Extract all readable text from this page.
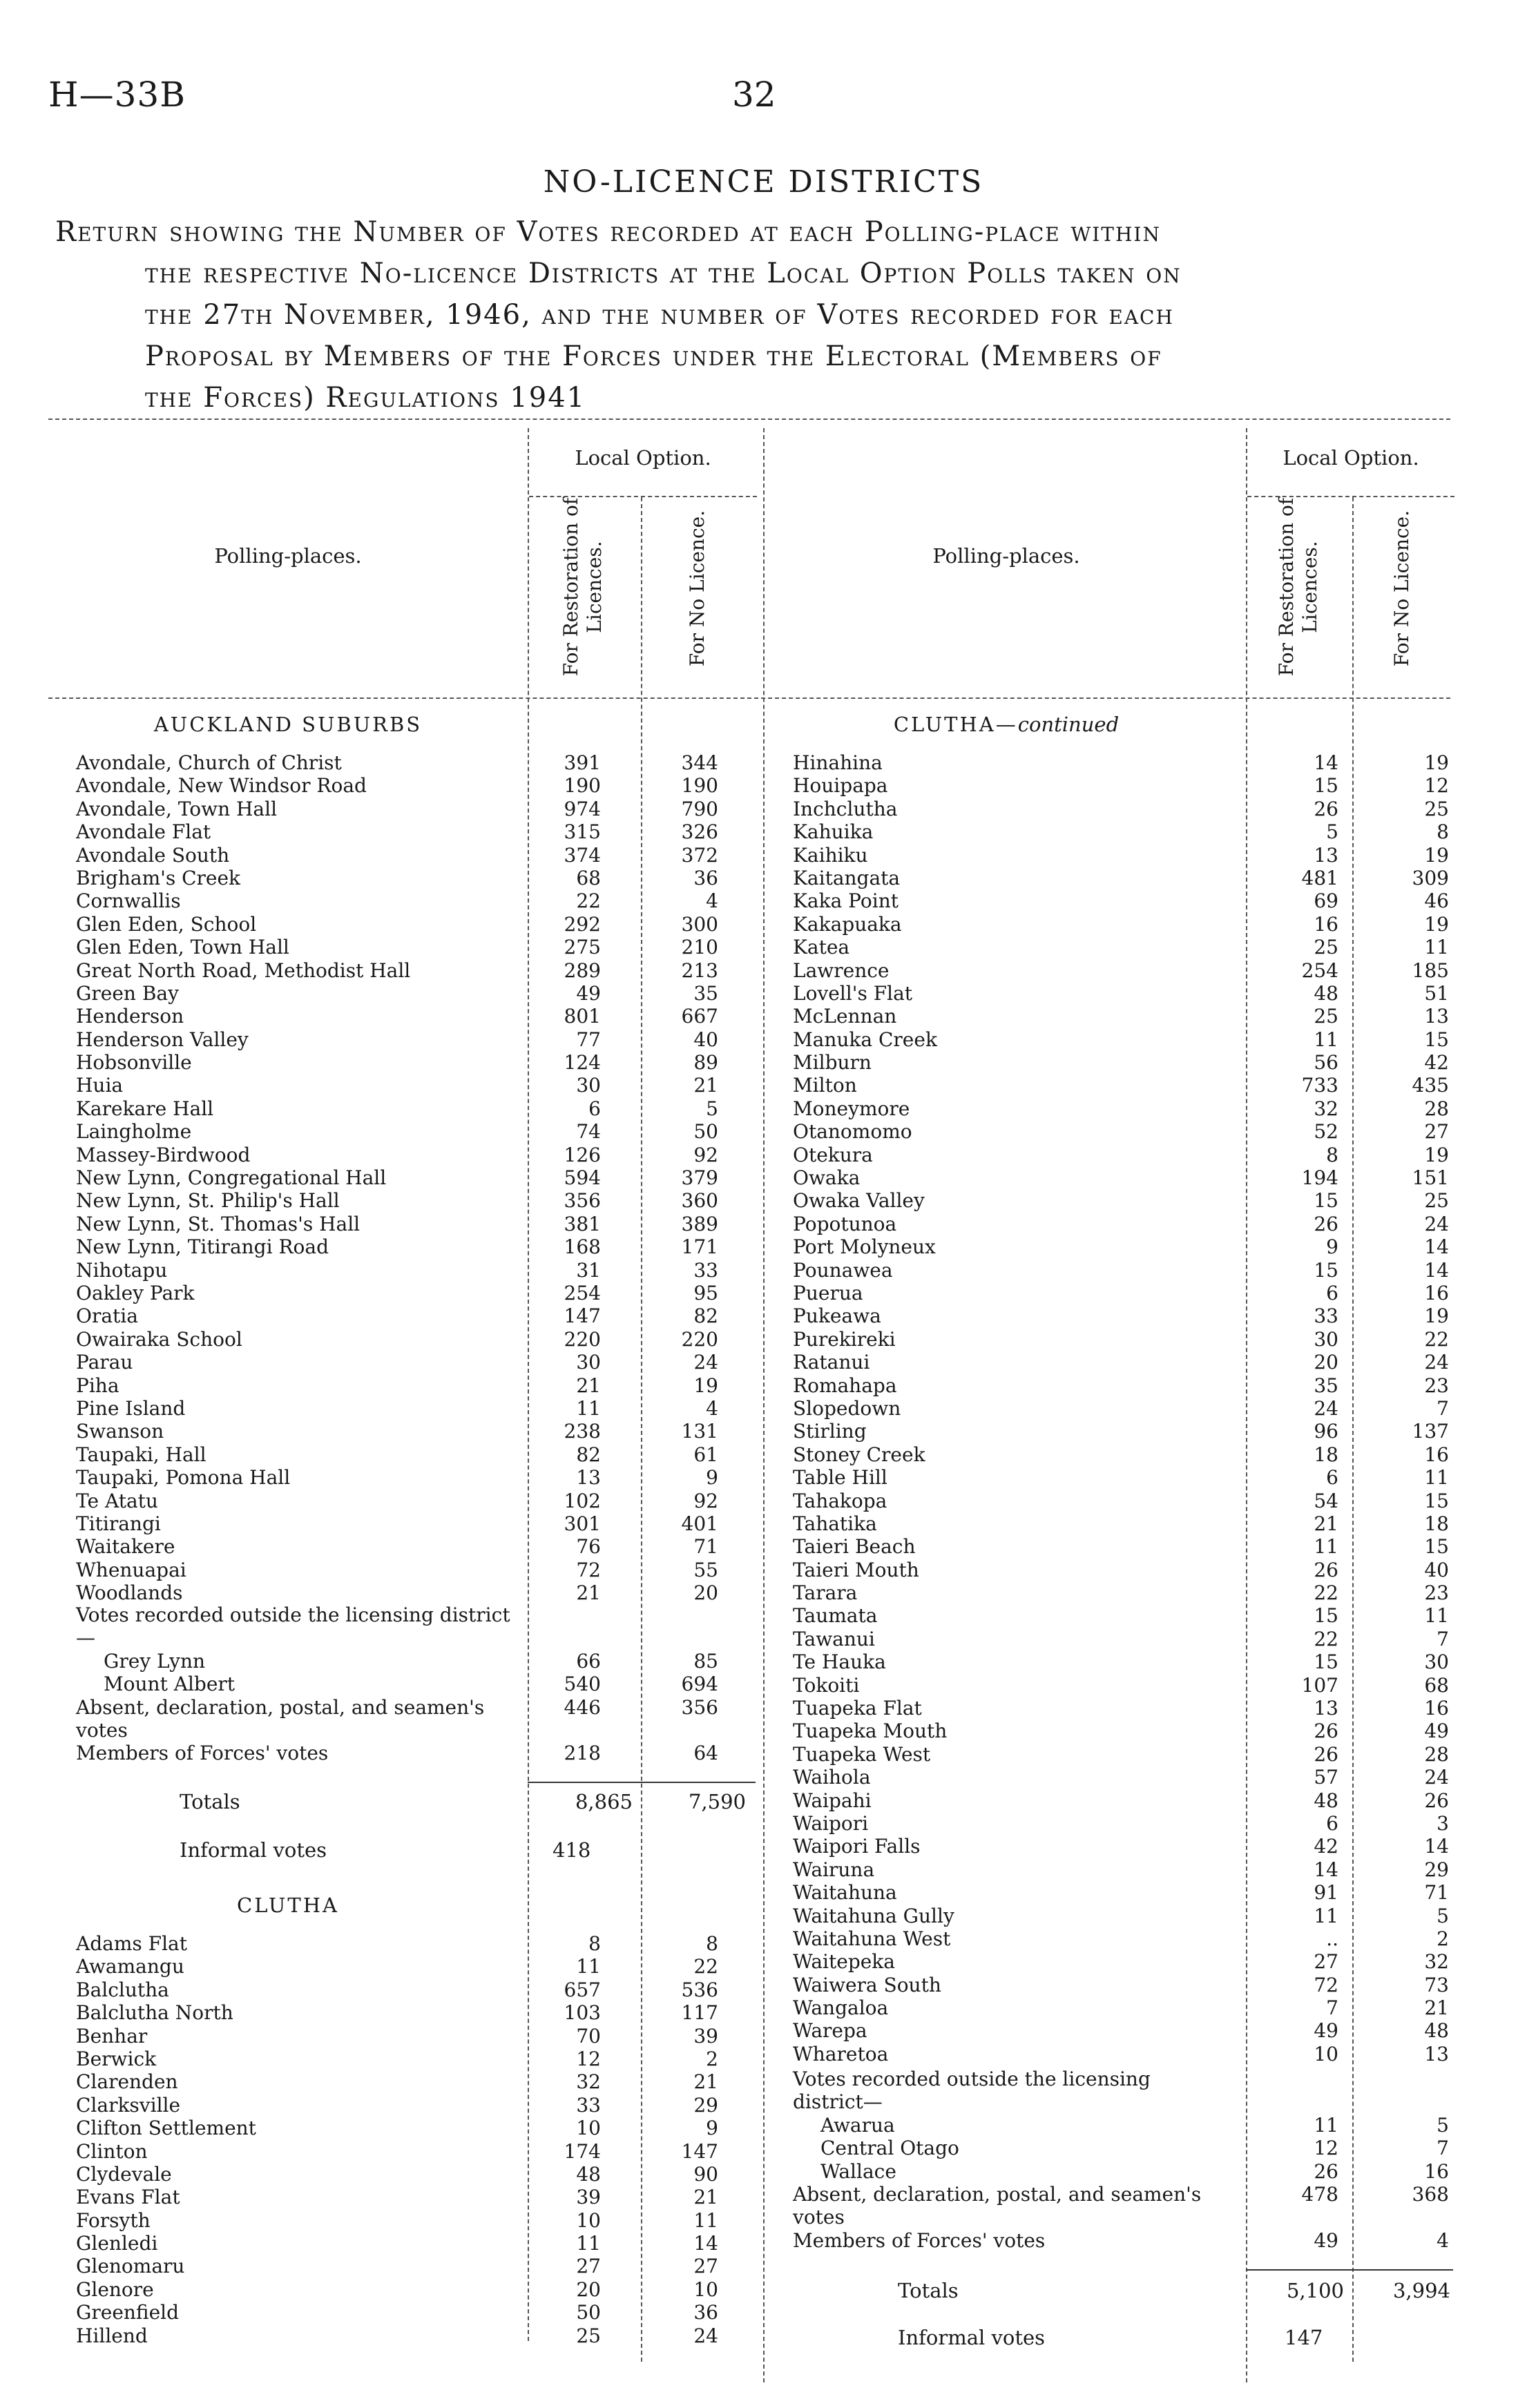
H—33B	32
NO-LICENCE DISTRICTS
Return showing the Number of Votes recorded at each Polling-place within
the respective No-licence Districts at the Local Option Polls taken on
the 27th November, 1946, and the number of Votes recorded for each
Proposal by Members of the Forces under the Electoral (Members of
the Forces) Regulations 1941
Local Option.	Local Option.
Polling-places.	Polling-places.
For Restoration of Licences.	For No Licence.	For Restoration of Licences.	For No Licence.
AUCKLAND SUBURBS	CLUTHA—continued
Avondale, Church of Christ	391	344
Avondale, New Windsor Road	190	190
Avondale, Town Hall	974	790
Avondale Flat	315	326
Avondale South	374	372
Brigham's Creek	68	36
Cornwallis	22	4
Glen Eden, School	292	300
Glen Eden, Town Hall	275	210
Great North Road, Methodist Hall	289	213
Green Bay	49	35
Henderson	801	667
Henderson Valley	77	40
Hobsonville	124	89
Huia	30	21
Karekare Hall	6	5
Laingholme	74	50
Massey-Birdwood	126	92
New Lynn, Congregational Hall	594	379
New Lynn, St. Philip's Hall	356	360
New Lynn, St. Thomas's Hall	381	389
New Lynn, Titirangi Road	168	171
Nihotapu	31	33
Oakley Park	254	95
Oratia	147	82
Owairaka School	220	220
Parau	30	24
Piha	21	19
Pine Island	11	4
Swanson	238	131
Taupaki, Hall	82	61
Taupaki, Pomona Hall	13	9
Te Atatu	102	92
Titirangi	301	401
Waitakere	76	71
Whenuapai	72	55
Woodlands	21	20
Votes recorded outside the licensing district—
Grey Lynn	66	85
Mount Albert	540	694
Absent, declaration, postal, and seamen's votes
446	356
Members of Forces' votes	218	64
Totals	8,865	7,590
Informal votes	418
CLUTHA
Adams Flat	8	8
Awamangu	11	22
Balclutha	657	536
Balclutha North	103	117
Benhar	70	39
Berwick	12	2
Clarenden	32	21
Clarksville	33	29
Clifton Settlement	10	9
Clinton	174	147
Clydevale	48	90
Evans Flat	39	21
Forsyth	10	11
Glenledi	11	14
Glenomaru	27	27
Glenore	20	10
Greenfield	50	36
Hillend	25	24
Hinahina	14	19
Houipapa	15	12
Inchclutha	26	25
Kahuika	5	8
Kaihiku	13	19
Kaitangata	481	309
Kaka Point	69	46
Kakapuaka	16	19
Katea	25	11
Lawrence	254	185
Lovell's Flat	48	51
McLennan	25	13
Manuka Creek	11	15
Milburn	56	42
Milton	733	435
Moneymore	32	28
Otanomomo	52	27
Otekura	8	19
Owaka	194	151
Owaka Valley	15	25
Popotunoa	26	24
Port Molyneux	9	14
Pounawea	15	14
Puerua	6	16
Pukeawa	33	19
Purekireki	30	22
Ratanui	20	24
Romahapa	35	23
Slopedown	24	7
Stirling	96	137
Stoney Creek	18	16
Table Hill	6	11
Tahakopa	54	15
Tahatika	21	18
Taieri Beach	11	15
Taieri Mouth	26	40
Tarara	22	23
Taumata	15	11
Tawanui	22	7
Te Hauka	15	30
Tokoiti	107	68
Tuapeka Flat	13	16
Tuapeka Mouth	26	49
Tuapeka West	26	28
Waihola	57	24
Waipahi	48	26
Waipori	6	3
Waipori Falls	42	14
Wairuna	14	29
Waitahuna	91	71
Waitahuna Gully	11	5
Waitahuna West	..	2
Waitepeka	27	32
Waiwera South	72	73
Wangaloa	7	21
Warepa	49	48
Wharetoa	10	13
Votes recorded outside the licensing district—
Awarua	11	5
Central Otago	12	7
Wallace	26	16
Absent, declaration, postal, and seamen's votes
478	368
Members of Forces' votes	49	4
Totals	5,100	3,994
Informal votes	147
